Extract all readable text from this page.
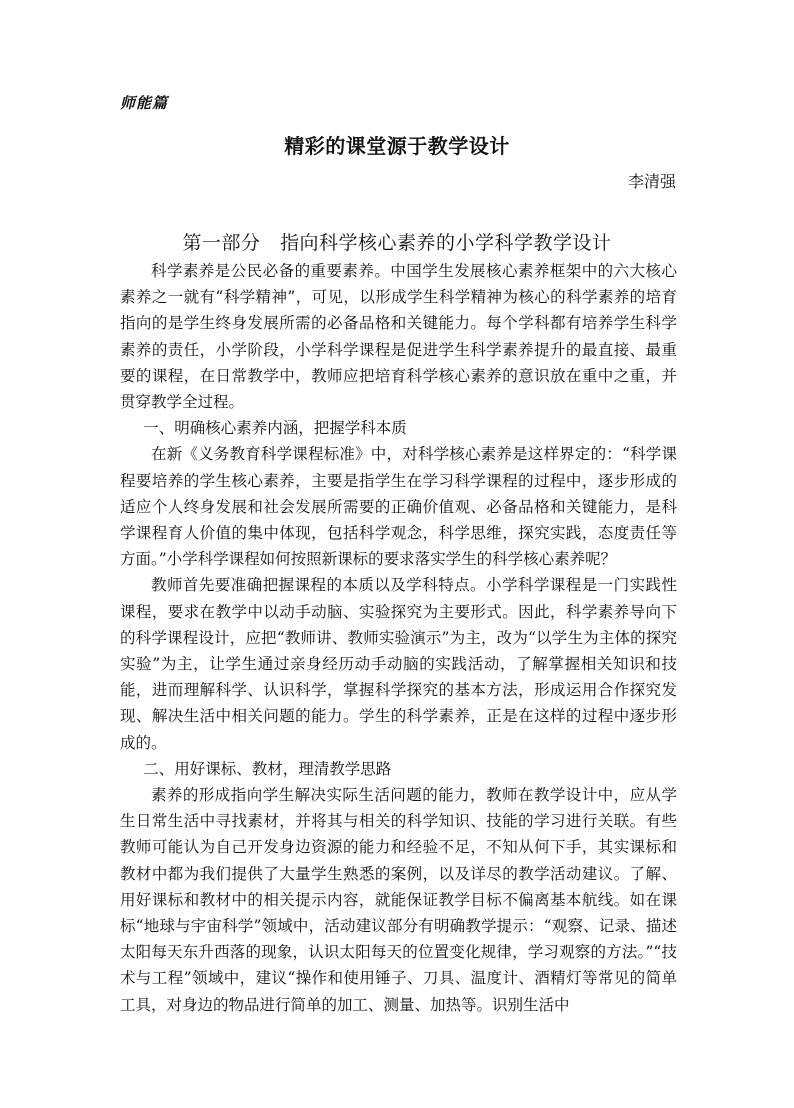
师能篇
精彩的课堂源于教学设计
李清强
第一部分　指向科学核心素养的小学科学教学设计

科学素养是公民必备的重要素养。中国学生发展核心素养框架中的六大核心素养之一就有“科学精神”，可见，以形成学生科学精神为核心的科学素养的培育指向的是学生终身发展所需的必备品格和关键能力。每个学科都有培养学生科学素养的责任，小学阶段，小学科学课程是促进学生科学素养提升的最直接、最重要的课程，在日常教学中，教师应把培育科学核心素养的意识放在重中之重，并贯穿教学全过程。

一、明确核心素养内涵，把握学科本质

在新《义务教育科学课程标准》中，对科学核心素养是这样界定的：“科学课程要培养的学生核心素养，主要是指学生在学习科学课程的过程中，逐步形成的适应个人终身发展和社会发展所需要的正确价值观、必备品格和关键能力，是科学课程育人价值的集中体现，包括科学观念，科学思维，探究实践，态度责任等方面。”小学科学课程如何按照新课标的要求落实学生的科学核心素养呢？

教师首先要准确把握课程的本质以及学科特点。小学科学课程是一门实践性课程，要求在教学中以动手动脑、实验探究为主要形式。因此，科学素养导向下的科学课程设计，应把“教师讲、教师实验演示”为主，改为“以学生为主体的探究实验”为主，让学生通过亲身经历动手动脑的实践活动，了解掌握相关知识和技能，进而理解科学、认识科学，掌握科学探究的基本方法，形成运用合作探究发现、解决生活中相关问题的能力。学生的科学素养，正是在这样的过程中逐步形成的。

二、用好课标、教材，理清教学思路

素养的形成指向学生解决实际生活问题的能力，教师在教学设计中，应从学生日常生活中寻找素材，并将其与相关的科学知识、技能的学习进行关联。有些教师可能认为自己开发身边资源的能力和经验不足，不知从何下手，其实课标和教材中都为我们提供了大量学生熟悉的案例，以及详尽的教学活动建议。了解、用好课标和教材中的相关提示内容，就能保证教学目标不偏离基本航线。如在课标“地球与宇宙科学”领域中，活动建议部分有明确教学提示：“观察、记录、描述太阳每天东升西落的现象，认识太阳每天的位置变化规律，学习观察的方法。”“技术与工程”领域中，建议“操作和使用锤子、刀具、温度计、酒精灯等常见的简单工具，对身边的物品进行简单的加工、测量、加热等。识别生活中
